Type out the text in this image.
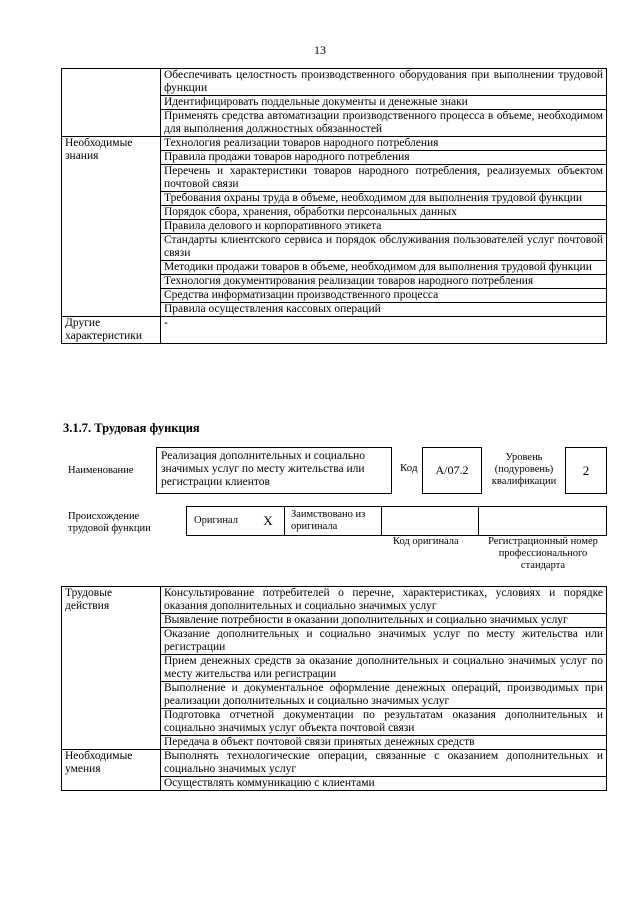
13
	Обеспечивать целостность производственного оборудования при выполнении трудовой функции
	Идентифицировать поддельные документы и денежные знаки
	Применять средства автоматизации производственного процесса в объеме, необходимом для выполнения должностных обязанностей
Необходимые знания	Технология реализации товаров народного потребления
	Правила продажи товаров народного потребления
	Перечень и характеристики товаров народного потребления, реализуемых объектом почтовой связи
	Требования охраны труда в объеме, необходимом для выполнения трудовой функции
	Порядок сбора, хранения, обработки персональных данных
	Правила делового и корпоративного этикета
	Стандарты клиентского сервиса и порядок обслуживания пользователей услуг почтовой связи
	Методики продажи товаров в объеме, необходимом для выполнения трудовой функции
	Технология документирования реализации товаров народного потребления
	Средства информатизации производственного процесса
	Правила осуществления кассовых операций
Другие характеристики	-
3.1.7. Трудовая функция
Наименование
Реализация дополнительных и социально значимых услуг по месту жительства или регистрации клиентов
Код	A/07.2
Уровень (подуровень) квалификации
2
Происхождение трудовой функции
Оригинал	X	Заимствовано из оригинала
Код оригинала	Регистрационный номер профессионального стандарта
Трудовые действия	Консультирование потребителей о перечне, характеристиках, условиях и порядке оказания дополнительных и социально значимых услуг
	Выявление потребности в оказании дополнительных и социально значимых услуг
	Оказание дополнительных и социально значимых услуг по месту жительства или регистрации
	Прием денежных средств за оказание дополнительных и социально значимых услуг по месту жительства или регистрации
	Выполнение и документальное оформление денежных операций, производимых при реализации дополнительных и социально значимых услуг
	Подготовка отчетной документации по результатам оказания дополнительных и социально значимых услуг объекта почтовой связи
	Передача в объект почтовой связи принятых денежных средств
Необходимые умения	Выполнять технологические операции, связанные с оказанием дополнительных и социально значимых услуг
	Осуществлять коммуникацию с клиентами
